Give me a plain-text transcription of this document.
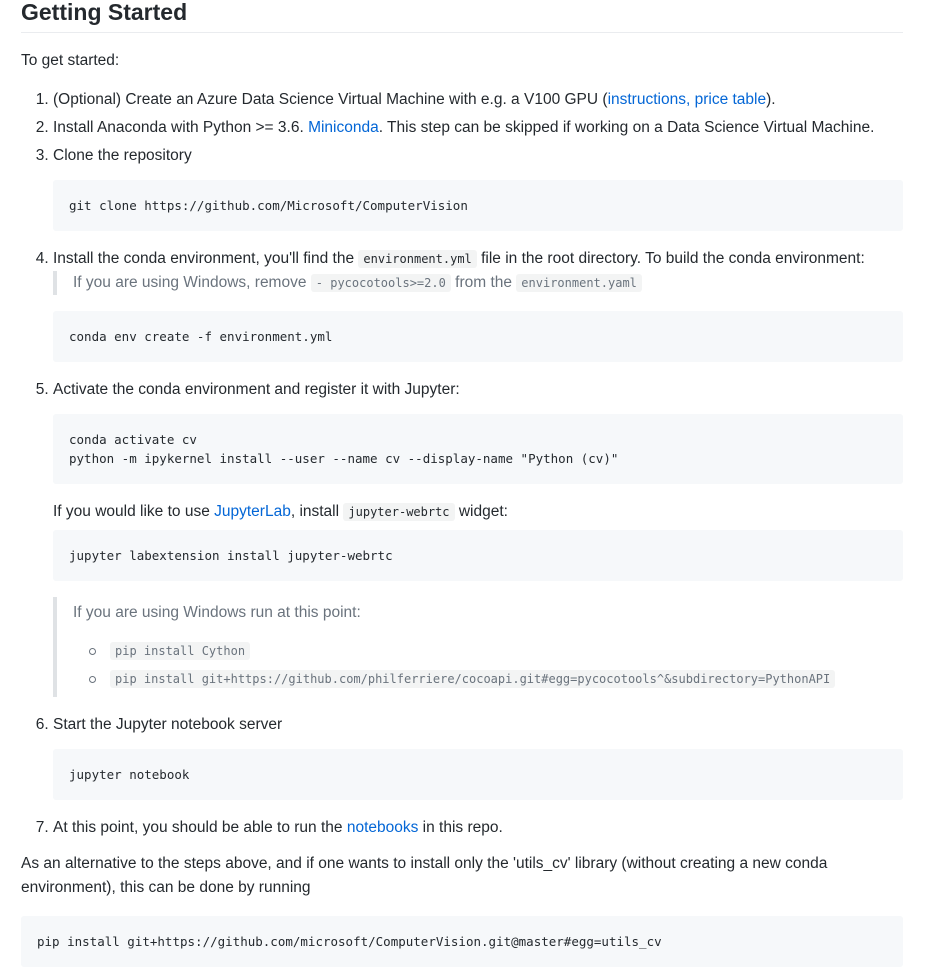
Getting Started

To get started:

1. (Optional) Create an Azure Data Science Virtual Machine with e.g. a V100 GPU (instructions, price table).
2. Install Anaconda with Python >= 3.6. Miniconda. This step can be skipped if working on a Data Science Virtual Machine.
3. Clone the repository
git clone https://github.com/Microsoft/ComputerVision
4. Install the conda environment, you'll find the environment.yml file in the root directory. To build the conda environment:
If you are using Windows, remove - pycocotools>=2.0 from the environment.yaml
conda env create -f environment.yml
5. Activate the conda environment and register it with Jupyter:
conda activate cv
python -m ipykernel install --user --name cv --display-name "Python (cv)"

If you would like to use JupyterLab, install jupyter-webrtc widget:

jupyter labextension install jupyter-webrtc
If you are using Windows run at this point:
pip install Cython
pip install git+https://github.com/philferriere/cocoapi.git#egg=pycocotools^&subdirectory=PythonAPI
6. Start the Jupyter notebook server
jupyter notebook
7. At this point, you should be able to run the notebooks in this repo.

As an alternative to the steps above, and if one wants to install only the 'utils_cv' library (without creating a new conda environment), this can be done by running

pip install git+https://github.com/microsoft/ComputerVision.git@master#egg=utils_cv
